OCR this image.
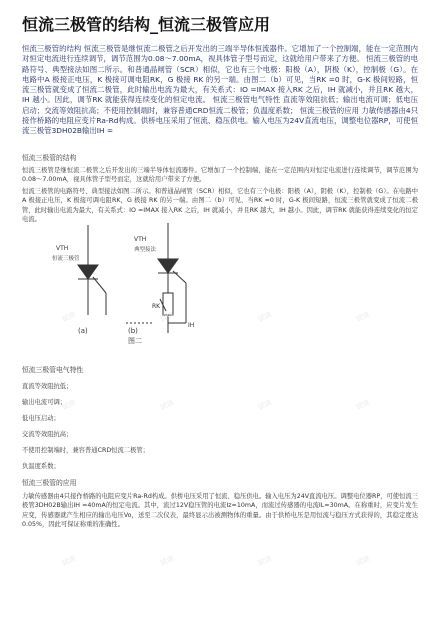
恒流三极管的结构_恒流三极管应用
恒流三极管的结构 恒流三极管是继恒流二极管之后开发出的三端半导体恒流器件。它增加了一个控制端，能在一定范围内对恒定电流进行连续调节，调节范围为0.08～7.00mA，视具体管子型号而定，这就给用户带来了方便。 恒流三极管的电路符号、典型接法如图二所示。和普通晶闸管（SCR）相似，它也有三个电极：阳极（A），阴极（K），控制极（G）。在电路中A 极接正电压，K 极接可调电阻RK，G 极接 RK 的另一端。由图二（b）可见，当RK =0 时，G-K 极间短路，恒流三极管就变成了恒流二极管，此时输出电流为最大，有关系式：IO =IMAX 接入RK 之后，IH 就减小，并且RK 越大，IH 越小。因此，调节RK 就能获得连续变化的恒定电流。 恒流三极管电气特性 直流等效阻抗低；输出电流可调；低电压启动；交流等效阻抗高；不使用控制端时，兼容普通CRD恒流二极管；负温度系数； 恒流三极管的应用 力敏传感器由4只接作桥路的电阻应变片Ra-Rd构成。供桥电压采用了恒流、稳压供电。输入电压为24V直流电压，调整电位器RP，可使恒流三极管3DH02B输出IH =
恒流三极管的结构
恒流三极管是继恒流二极管之后开发出的三端半导体恒流器件。它增加了一个控制端，能在一定范围内对恒定电流进行连续调节，调节范围为0.08～7.00mA，视具体管子型号而定，这就给用户带来了方便。
恒流三极管的电路符号、典型接法如图二所示。和普通晶闸管（SCR）相似，它也有三个电极：阳极（A），阴极（K），控制极（G）。在电路中A 极接正电压，K 极接可调电阻RK，G 极接 RK 的另一端。由图二（b）可见，当RK =0 时，G-K 极间短路，恒流三极管就变成了恒流二极管，此时输出电流为最大，有关系式：IO =IMAX 接入RK 之后，IH 就减小，并且RK 越大，IH 越小。因此，调节RK 就能获得连续变化的恒定电流。
VTH
恒流三极管
VTH
典型接法
RK
IH
(a)	(b)
图二
恒流三极管电气特性
直流等效阻抗低；
输出电流可调；
低电压启动；
交流等效阻抗高；
不使用控制端时，兼容普通CRD恒流二极管；
负温度系数；
恒流三极管的应用
力敏传感器由4只接作桥路的电阻应变片Ra-Rd构成。供桥电压采用了恒流、稳压供电。输入电压为24V直流电压。调整电位器RP，可使恒流三极管3DH02B输出IH =40mA的恒定电流。其中，流过12V稳压管的电流Iz=10mA，而流过传感器的电流IL=30mA。在称重时，应变片发生应变，传感器就产生相应的输出电压Vo，送至二次仪表，最终显示出被测物体的重量。由于供桥电压是用恒流与稳压方式获得的，其稳定度达0.05%，因此可保证称重的准确性。
试读	试读	试读	试读
试读	试读	试读	试读
试读	试读	试读	试读
